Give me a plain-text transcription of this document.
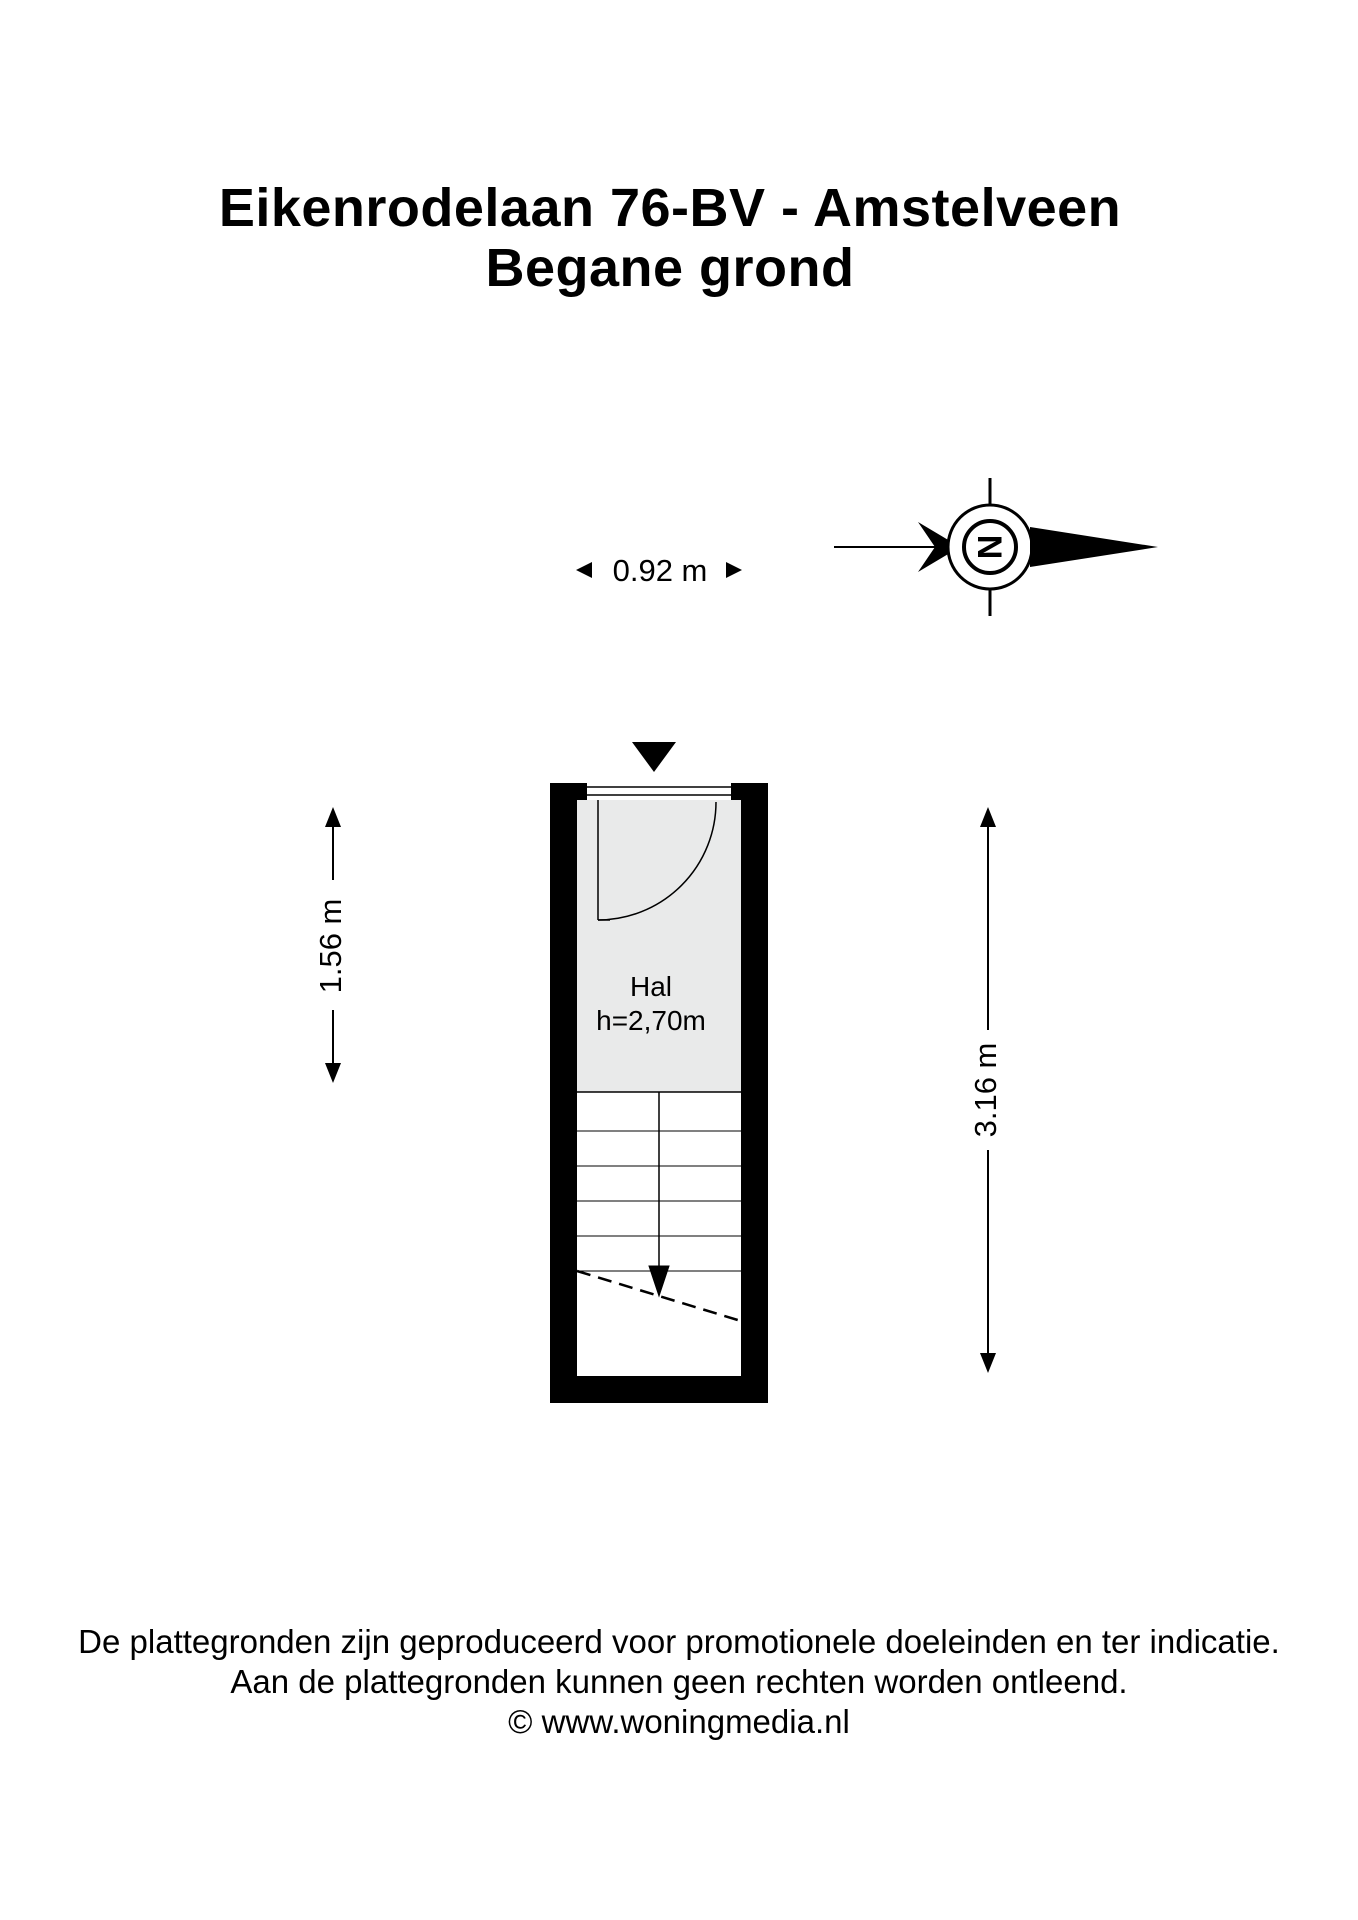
Eikenrodelaan 76-BV - Amstelveen
Begane grond
0.92 m
N
Hal
h=2,70m
1.56 m
3.16 m
De plattegronden zijn geproduceerd voor promotionele doeleinden en ter indicatie.
Aan de plattegronden kunnen geen rechten worden ontleend.
© www.woningmedia.nl
